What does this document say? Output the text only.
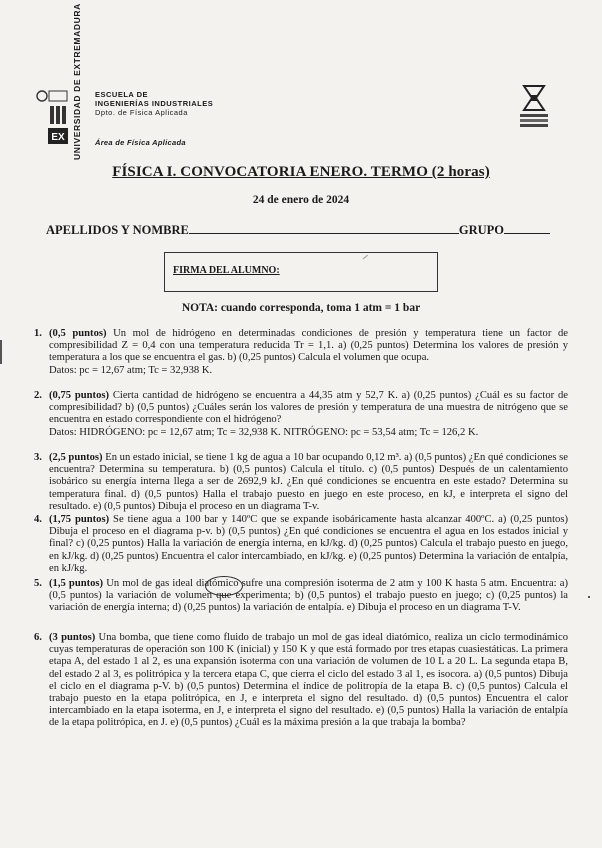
UNIVERSIDAD DE EXTREMADURA
EX
ESCUELA DE
INGENIERÍAS INDUSTRIALES
Dpto. de Física Aplicada
Área de Física Aplicada
FÍSICA I. CONVOCATORIA ENERO. TERMO (2 horas)
24 de enero de 2024
APELLIDOS Y NOMBRE	GRUPO
FIRMA DEL ALUMNO:
NOTA: cuando corresponda, toma 1 atm = 1 bar
1. (0,5 puntos) Un mol de hidrógeno en determinadas condiciones de presión y temperatura tiene un factor de compresibilidad Z = 0,4 con una temperatura reducida Tr = 1,1. a) (0,25 puntos) Determina los valores de presión y temperatura a los que se encuentra el gas. b) (0,25 puntos) Calcula el volumen que ocupa.
Datos: pc = 12,67 atm; Tc = 32,938 K.
2. (0,75 puntos) Cierta cantidad de hidrógeno se encuentra a 44,35 atm y 52,7 K. a) (0,25 puntos) ¿Cuál es su factor de compresibilidad? b) (0,5 puntos) ¿Cuáles serán los valores de presión y temperatura de una muestra de nitrógeno que se encuentra en estado correspondiente con el hidrógeno?
Datos: HIDRÓGENO: pc = 12,67 atm; Tc = 32,938 K. NITRÓGENO: pc = 53,54 atm; Tc = 126,2 K.
3. (2,5 puntos) En un estado inicial, se tiene 1 kg de agua a 10 bar ocupando 0,12 m³. a) (0,5 puntos) ¿En qué condiciones se encuentra? Determina su temperatura. b) (0,5 puntos) Calcula el título. c) (0,5 puntos) Después de un calentamiento isobárico su energía interna llega a ser de 2692,9 kJ. ¿En qué condiciones se encuentra en este estado? Determina su temperatura final. d) (0,5 puntos) Halla el trabajo puesto en juego en este proceso, en kJ, e interpreta el signo del resultado. e) (0,5 puntos) Dibuja el proceso en un diagrama T-v.
4. (1,75 puntos) Se tiene agua a 100 bar y 140ºC que se expande isobáricamente hasta alcanzar 400ºC. a) (0,25 puntos) Dibuja el proceso en el diagrama p-v. b) (0,5 puntos) ¿En qué condiciones se encuentra el agua en los estados inicial y final? c) (0,25 puntos) Halla la variación de energía interna, en kJ/kg. d) (0,25 puntos) Calcula el trabajo puesto en juego, en kJ/kg. d) (0,25 puntos) Encuentra el calor intercambiado, en kJ/kg. e) (0,25 puntos) Determina la variación de entalpía, en kJ/kg.
5. (1,5 puntos) Un mol de gas ideal diatómico sufre una compresión isoterma de 2 atm y 100 K hasta 5 atm. Encuentra: a) (0,5 puntos) la variación de volumen que experimenta; b) (0,5 puntos) el trabajo puesto en juego; c) (0,25 puntos) la variación de energía interna; d) (0,25 puntos) la variación de entalpía. e) Dibuja el proceso en un diagrama T-V.
6. (3 puntos) Una bomba, que tiene como fluido de trabajo un mol de gas ideal diatómico, realiza un ciclo termodinámico cuyas temperaturas de operación son 100 K (inicial) y 150 K y que está formado por tres etapas cuasiestáticas. La primera etapa A, del estado 1 al 2, es una expansión isoterma con una variación de volumen de 10 L a 20 L. La segunda etapa B, del estado 2 al 3, es politrópica y la tercera etapa C, que cierra el ciclo del estado 3 al 1, es isocora. a) (0,5 puntos) Dibuja el ciclo en el diagrama p-V. b) (0,5 puntos) Determina el índice de politropía de la etapa B. c) (0,5 puntos) Calcula el trabajo puesto en la etapa politrópica, en J, e interpreta el signo del resultado. d) (0,5 puntos) Encuentra el calor intercambiado en la etapa isoterma, en J, e interpreta el signo del resultado. e) (0,5 puntos) Halla la variación de entalpía de la etapa politrópica, en J. e) (0,5 puntos) ¿Cuál es la máxima presión a la que trabaja la bomba?
